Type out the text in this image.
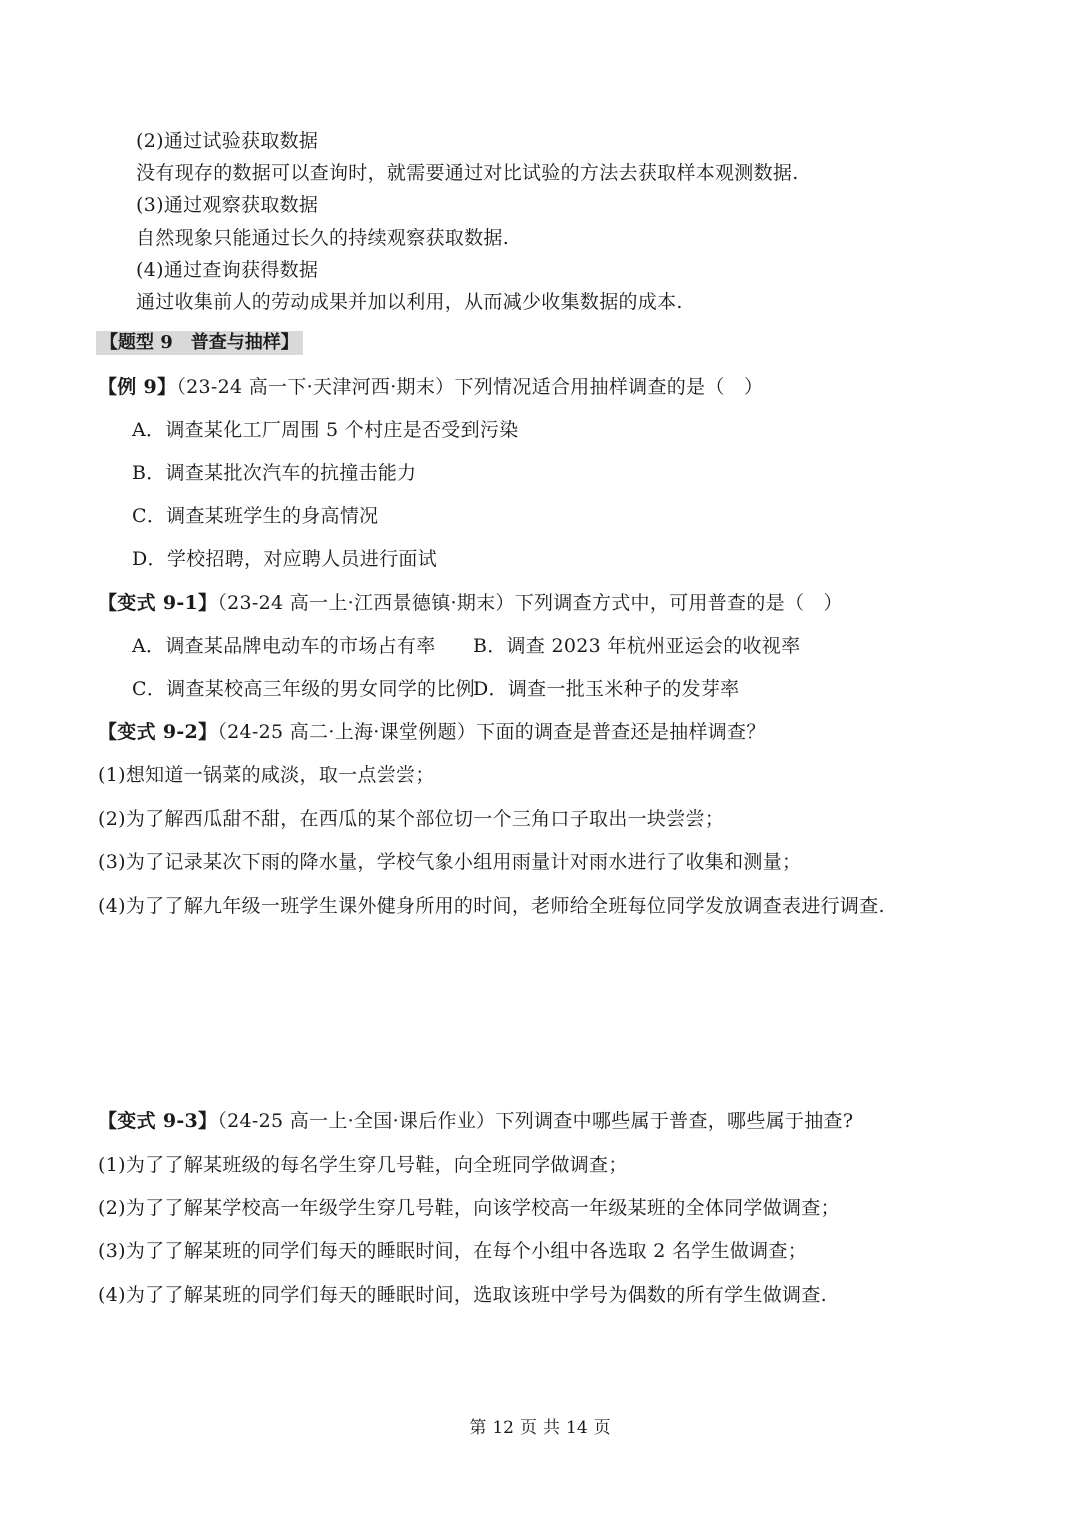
(2)通过试验获取数据
没有现存的数据可以查询时，就需要通过对比试验的方法去获取样本观测数据.
(3)通过观察获取数据
自然现象只能通过长久的持续观察获取数据.
(4)通过查询获得数据
通过收集前人的劳动成果并加以利用，从而减少收集数据的成本.
【题型 9　普查与抽样】
【例 9】（23-24 高一下·天津河西·期末）下列情况适合用抽样调查的是（　）
A．调查某化工厂周围 5 个村庄是否受到污染
B．调查某批次汽车的抗撞击能力
C．调查某班学生的身高情况
D．学校招聘，对应聘人员进行面试
【变式 9-1】（23-24 高一上·江西景德镇·期末）下列调查方式中，可用普查的是（　）
A．调查某品牌电动车的市场占有率 B．调查 2023 年杭州亚运会的收视率
C．调查某校高三年级的男女同学的比例
D．调查一批玉米种子的发芽率
【变式 9-2】（24-25 高二·上海·课堂例题）下面的调查是普查还是抽样调查？
(1)想知道一锅菜的咸淡，取一点尝尝；
(2)为了解西瓜甜不甜，在西瓜的某个部位切一个三角口子取出一块尝尝；
(3)为了记录某次下雨的降水量，学校气象小组用雨量计对雨水进行了收集和测量；
(4)为了了解九年级一班学生课外健身所用的时间，老师给全班每位同学发放调查表进行调查.
【变式 9-3】（24-25 高一上·全国·课后作业）下列调查中哪些属于普查，哪些属于抽查?
(1)为了了解某班级的每名学生穿几号鞋，向全班同学做调查；
(2)为了了解某学校高一年级学生穿几号鞋，向该学校高一年级某班的全体同学做调查；
(3)为了了解某班的同学们每天的睡眠时间，在每个小组中各选取 2 名学生做调查；
(4)为了了解某班的同学们每天的睡眠时间，选取该班中学号为偶数的所有学生做调查.
第 12 页 共 14 页
